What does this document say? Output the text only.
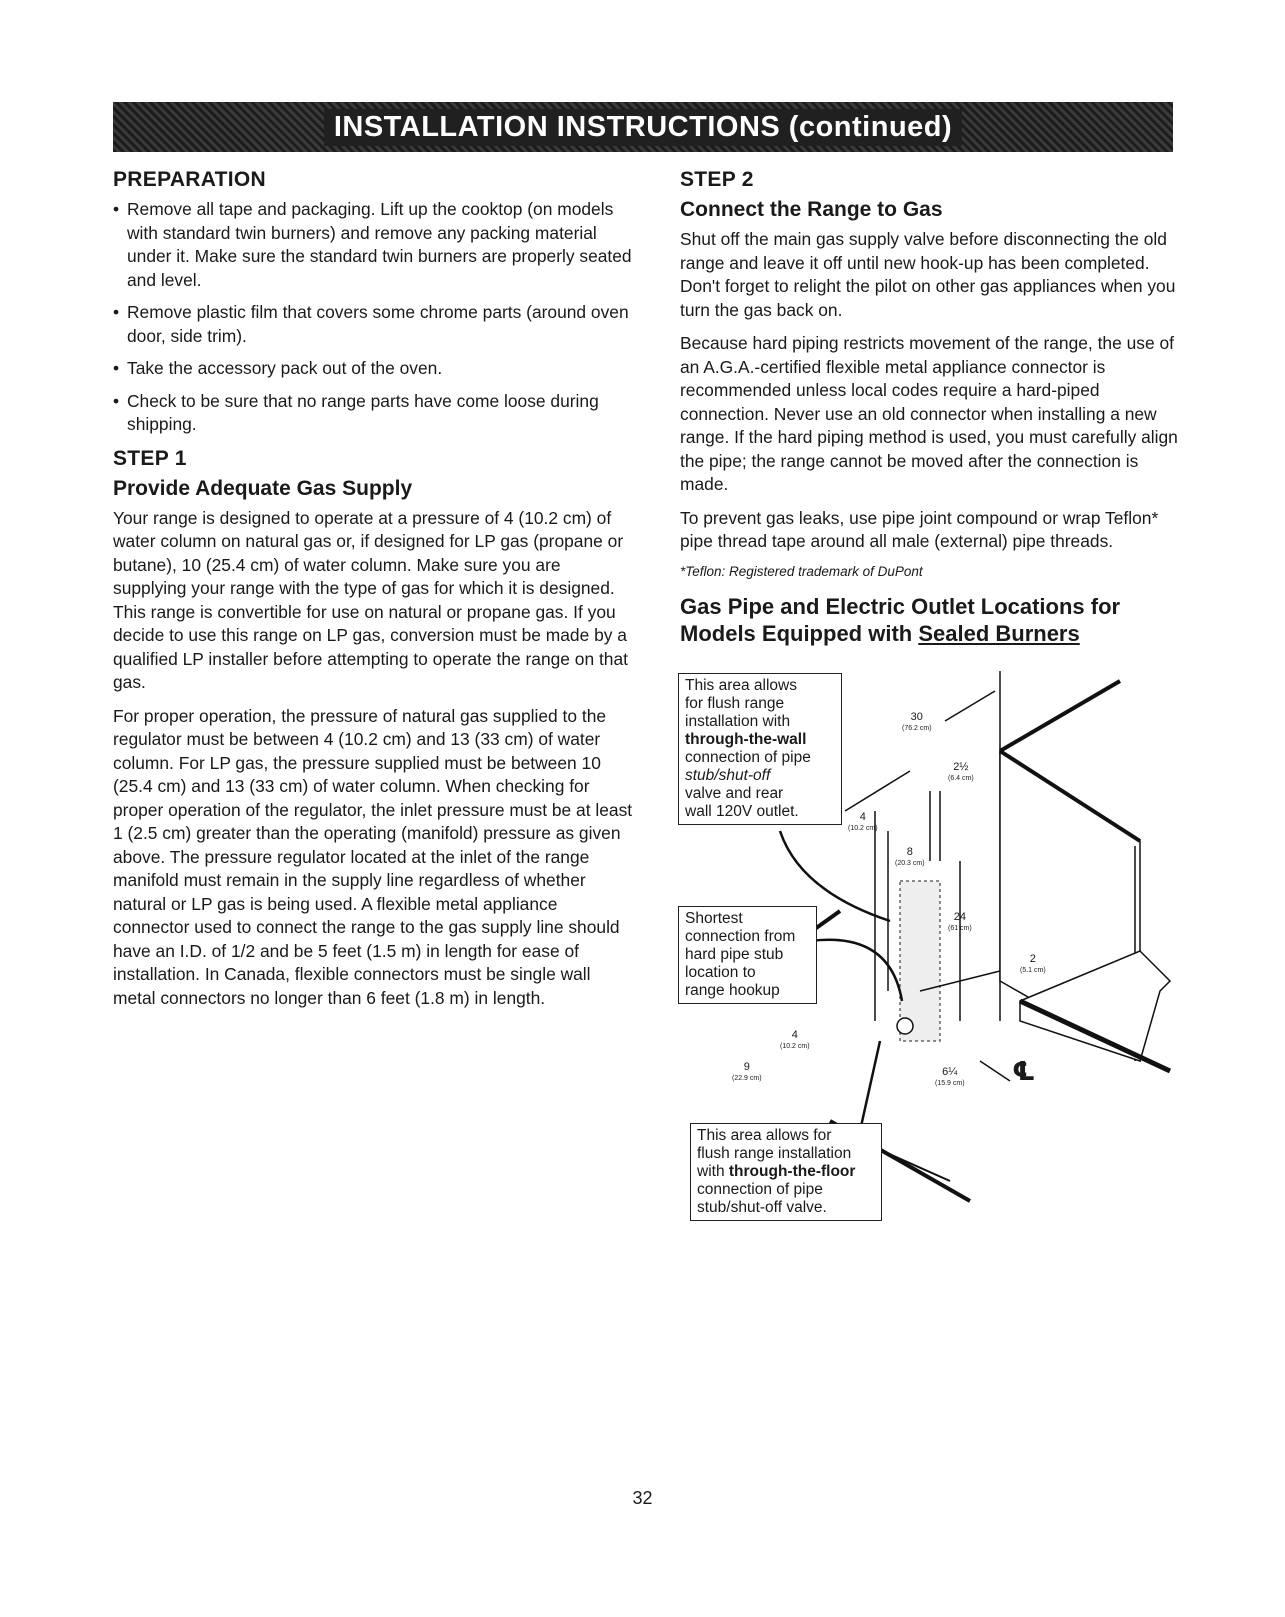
INSTALLATION INSTRUCTIONS (continued)
PREPARATION
• Remove all tape and packaging. Lift up the cooktop (on models with standard twin burners) and remove any packing material under it. Make sure the standard twin burners are properly seated and level.
• Remove plastic film that covers some chrome parts (around oven door, side trim).
• Take the accessory pack out of the oven.
• Check to be sure that no range parts have come loose during shipping.
STEP 1
Provide Adequate Gas Supply

Your range is designed to operate at a pressure of 4 (10.2 cm) of water column on natural gas or, if designed for LP gas (propane or butane), 10 (25.4 cm) of water column. Make sure you are supplying your range with the type of gas for which it is designed. This range is convertible for use on natural or propane gas. If you decide to use this range on LP gas, conversion must be made by a qualified LP installer before attempting to operate the range on that gas.

For proper operation, the pressure of natural gas supplied to the regulator must be between 4 (10.2 cm) and 13 (33 cm) of water column. For LP gas, the pressure supplied must be between 10 (25.4 cm) and 13 (33 cm) of water column. When checking for proper operation of the regulator, the inlet pressure must be at least 1 (2.5 cm) greater than the operating (manifold) pressure as given above. The pressure regulator located at the inlet of the range manifold must remain in the supply line regardless of whether natural or LP gas is being used. A flexible metal appliance connector used to connect the range to the gas supply line should have an I.D. of 1/2 and be 5 feet (1.5 m) in length for ease of installation. In Canada, flexible connectors must be single wall metal connectors no longer than 6 feet (1.8 m) in length.

STEP 2
Connect the Range to Gas

Shut off the main gas supply valve before disconnecting the old range and leave it off until new hook-up has been completed. Don't forget to relight the pilot on other gas appliances when you turn the gas back on.

Because hard piping restricts movement of the range, the use of an A.G.A.-certified flexible metal appliance connector is recommended unless local codes require a hard-piped connection. Never use an old connector when installing a new range. If the hard piping method is used, you must carefully align the pipe; the range cannot be moved after the connection is made.

To prevent gas leaks, use pipe joint compound or wrap Teflon* pipe thread tape around all male (external) pipe threads.

*Teflon: Registered trademark of DuPont

Gas Pipe and Electric Outlet Locations for Models Equipped with Sealed Burners
This area allows
for flush range
installation with
through-the-wall
connection of pipe
stub/shut-off
valve and rear
wall 120V outlet.
Shortest
connection from
hard pipe stub
location to
range hookup
This area allows for
flush range installation
with through-the-floor
connection of pipe
stub/shut-off valve.
30
(76.2 cm)
2½
(6.4 cm)
4
(10.2 cm)
8
(20.3 cm)
24
(61 cm)
2
(5.1 cm)
4
(10.2 cm)
9
(22.9 cm)
6¼
(15.9 cm) ℄
32
